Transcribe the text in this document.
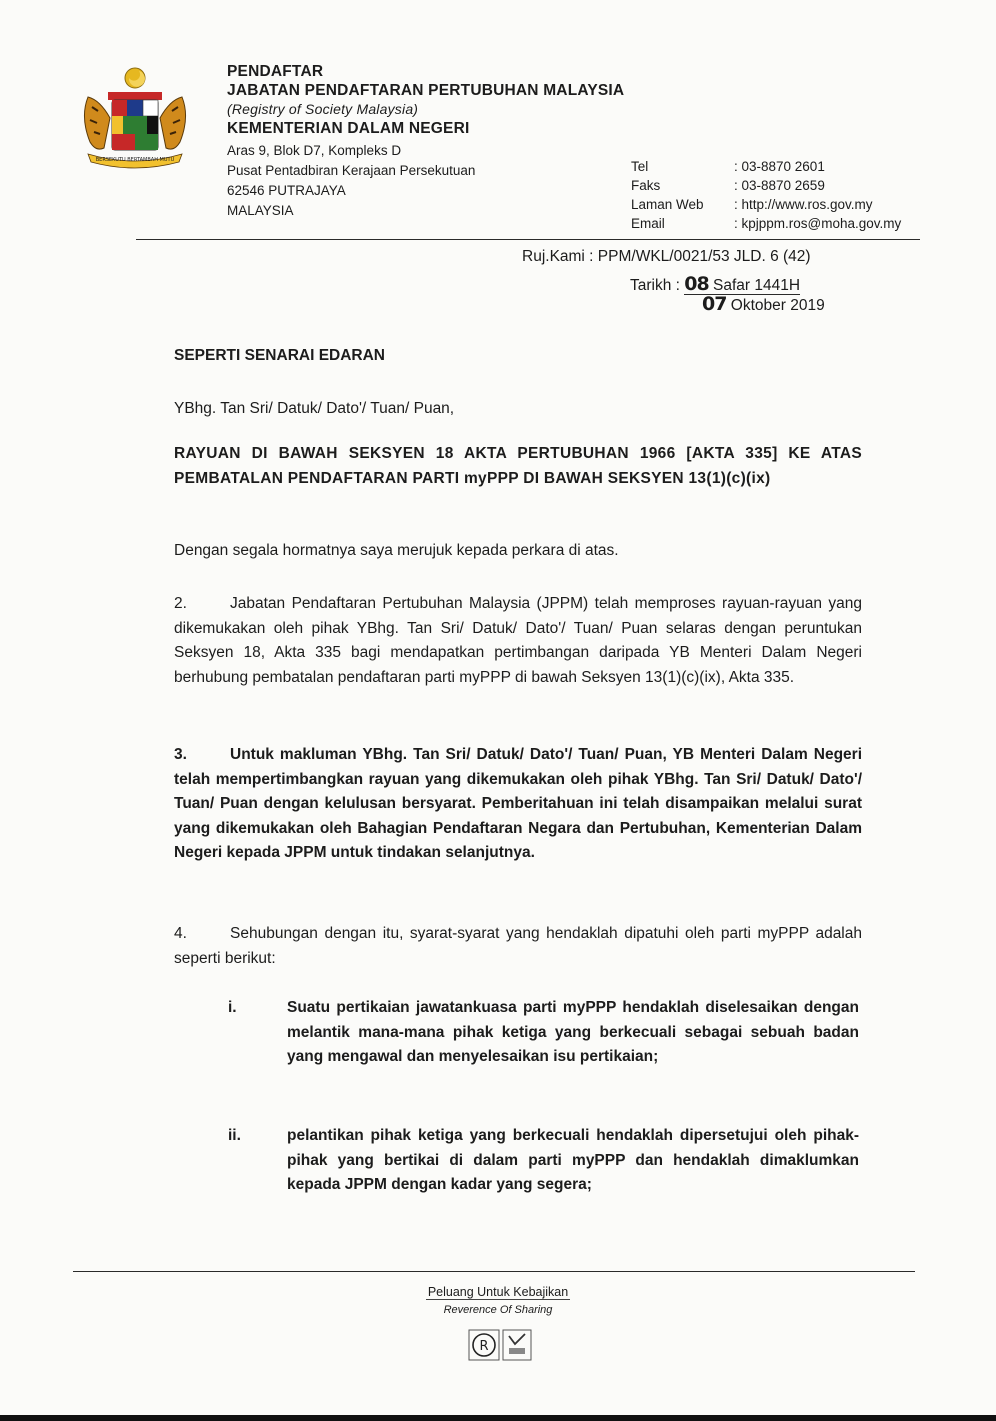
BERSEKUTU BERTAMBAH MUTU
PENDAFTAR
JABATAN PENDAFTARAN PERTUBUHAN MALAYSIA
(Registry of Society Malaysia)
KEMENTERIAN DALAM NEGERI
Aras 9, Blok D7, Kompleks D
Pusat Pentadbiran Kerajaan Persekutuan
62546 PUTRAJAYA
MALAYSIA
Tel	: 03-8870 2601
Faks	: 03-8870 2659
Laman Web	: http://www.ros.gov.my
Email	: kpjppm.ros@moha.gov.my
Ruj.Kami : PPM/WKL/0021/53 JLD. 6 (42)
Tarikh : 08 Safar 1441H
07 Oktober 2019
SEPERTI SENARAI EDARAN
YBhg. Tan Sri/ Datuk/ Dato'/ Tuan/ Puan,
RAYUAN DI BAWAH SEKSYEN 18 AKTA PERTUBUHAN 1966 [AKTA 335] KE ATAS PEMBATALAN PENDAFTARAN PARTI myPPP DI BAWAH SEKSYEN 13(1)(c)(ix)
Dengan segala hormatnya saya merujuk kepada perkara di atas.
2.	Jabatan Pendaftaran Pertubuhan Malaysia (JPPM) telah memproses rayuan-rayuan yang dikemukakan oleh pihak YBhg. Tan Sri/ Datuk/ Dato'/ Tuan/ Puan selaras dengan peruntukan Seksyen 18, Akta 335 bagi mendapatkan pertimbangan daripada YB Menteri Dalam Negeri berhubung pembatalan pendaftaran parti myPPP di bawah Seksyen 13(1)(c)(ix), Akta 335.
3.	Untuk makluman YBhg. Tan Sri/ Datuk/ Dato'/ Tuan/ Puan, YB Menteri Dalam Negeri telah mempertimbangkan rayuan yang dikemukakan oleh pihak YBhg. Tan Sri/ Datuk/ Dato'/ Tuan/ Puan dengan kelulusan bersyarat. Pemberitahuan ini telah disampaikan melalui surat yang dikemukakan oleh Bahagian Pendaftaran Negara dan Pertubuhan, Kementerian Dalam Negeri kepada JPPM untuk tindakan selanjutnya.
4.	Sehubungan dengan itu, syarat-syarat yang hendaklah dipatuhi oleh parti myPPP adalah seperti berikut:
i.	Suatu pertikaian jawatankuasa parti myPPP hendaklah diselesaikan dengan melantik mana-mana pihak ketiga yang berkecuali sebagai sebuah badan yang mengawal dan menyelesaikan isu pertikaian;
ii.	pelantikan pihak ketiga yang berkecuali hendaklah dipersetujui oleh pihak-pihak yang bertikai di dalam parti myPPP dan hendaklah dimaklumkan kepada JPPM dengan kadar yang segera;
Peluang Untuk Kebajikan
Reverence Of Sharing
R
